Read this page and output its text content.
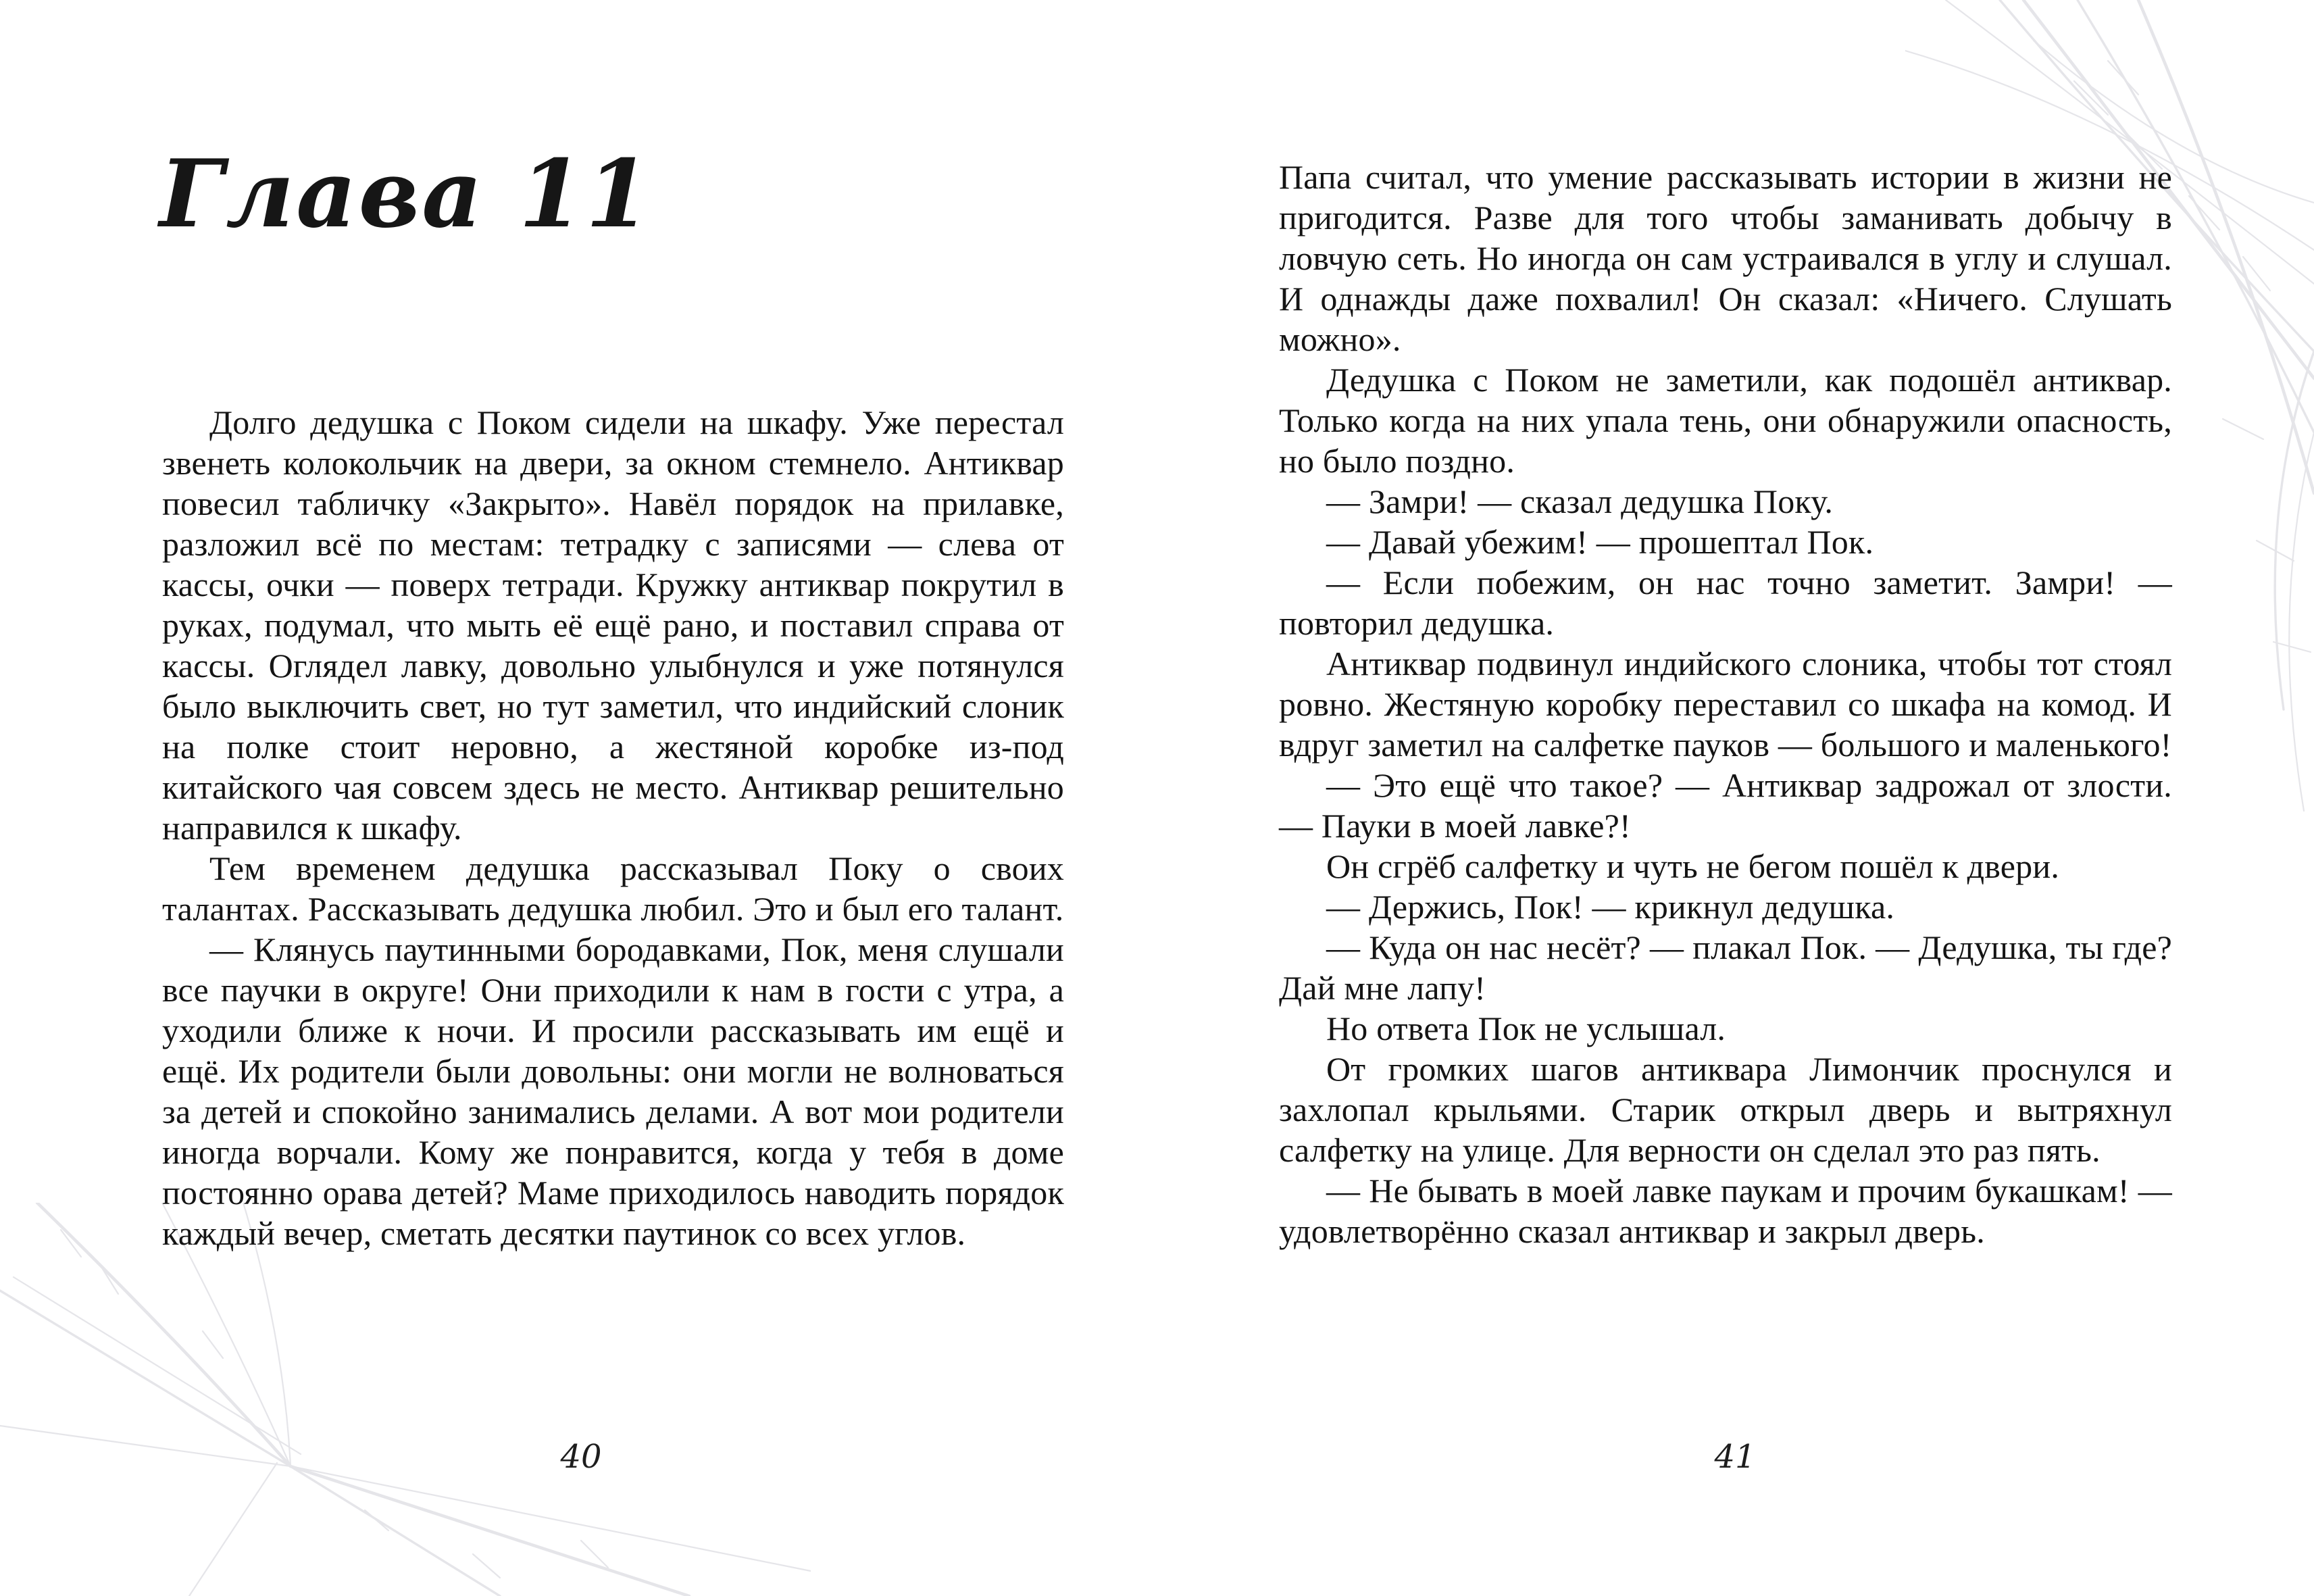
Глава 11

Долго дедушка с Поком сидели на шкафу. Уже перестал звенеть колокольчик на двери, за окном стемнело. Антиквар повесил табличку «Закрыто». Навёл порядок на прилавке, разложил всё по местам: тетрадку с записями — слева от кассы, очки — поверх тетради. Кружку антиквар покрутил в руках, подумал, что мыть её ещё рано, и поставил справа от кассы. Оглядел лавку, довольно улыбнулся и уже потянулся было выключить свет, но тут заметил, что индийский слоник на полке стоит неровно, а жестяной коробке из-под китайского чая совсем здесь не место. Антиквар решительно направился к шкафу.

Тем временем дедушка рассказывал Поку о своих талантах. Рассказывать дедушка любил. Это и был его талант.

— Клянусь паутинными бородавками, Пок, меня слушали все паучки в округе! Они приходили к нам в гости с утра, а уходили ближе к ночи. И просили рассказывать им ещё и ещё. Их родители были довольны: они могли не волноваться за детей и спокойно занимались делами. А вот мои родители иногда ворчали. Кому же понравится, когда у тебя в доме постоянно орава детей? Маме приходилось наводить порядок каждый вечер, сметать десятки паутинок со всех углов.

Папа считал, что умение рассказывать истории в жизни не пригодится. Разве для того чтобы заманивать добычу в ловчую сеть. Но иногда он сам устраивался в углу и слушал. И однажды даже похвалил! Он сказал: «Ничего. Слушать можно».

Дедушка с Поком не заметили, как подошёл антиквар. Только когда на них упала тень, они обнаружили опасность, но было поздно.

— Замри! — сказал дедушка Поку.

— Давай убежим! — прошептал Пок.

— Если побежим, он нас точно заметит. Замри! — повторил дедушка.

Антиквар подвинул индийского слоника, чтобы тот стоял ровно. Жестяную коробку переставил со шкафа на комод. И вдруг заметил на салфетке пауков — большого и маленького!

— Это ещё что такое? — Антиквар задрожал от злости. — Пауки в моей лавке?!

Он сгрёб салфетку и чуть не бегом пошёл к двери.

— Держись, Пок! — крикнул дедушка.

— Куда он нас несёт? — плакал Пок. — Дедушка, ты где? Дай мне лапу!

Но ответа Пок не услышал.

От громких шагов антиквара Лимончик проснулся и захлопал крыльями. Старик открыл дверь и вытряхнул салфетку на улице. Для верности он сделал это раз пять.

— Не бывать в моей лавке паукам и прочим букашкам! — удовлетворённо сказал антиквар и закрыл дверь.

40	41
